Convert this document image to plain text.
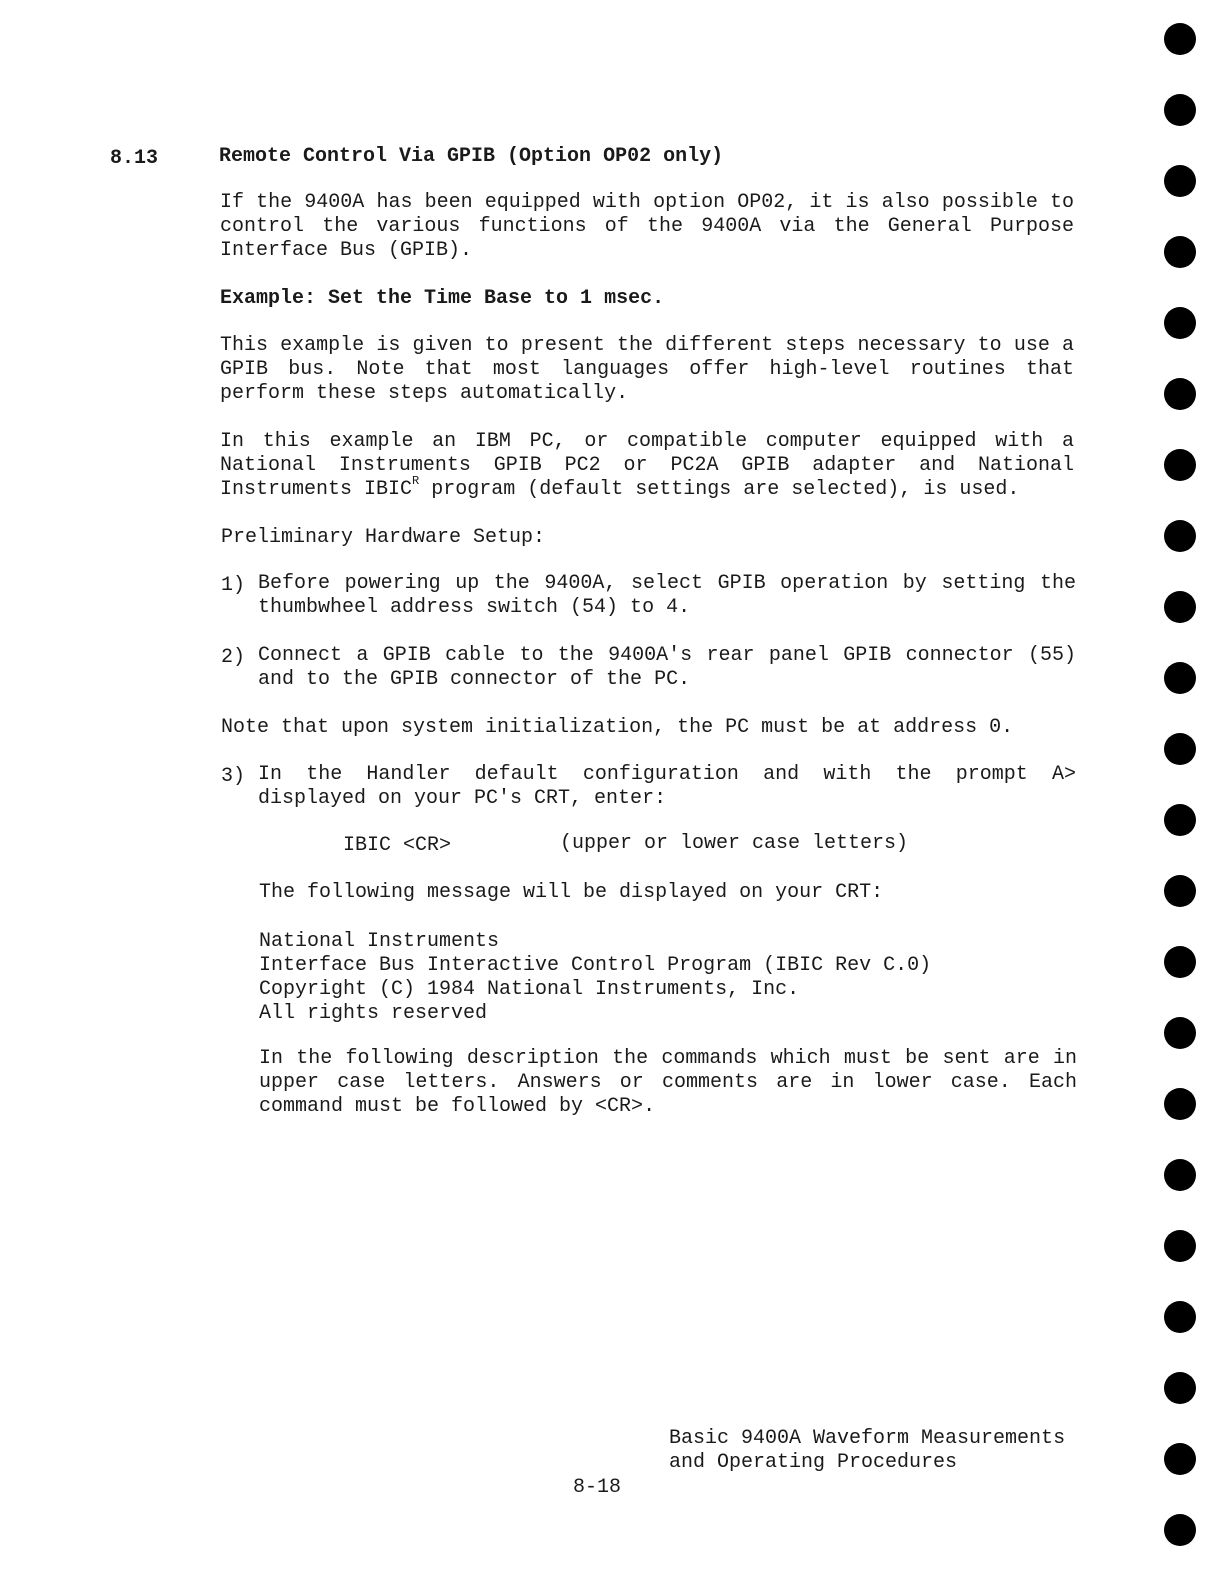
8.13	Remote Control Via GPIB (Option OP02 only)
If the 9400A has been equipped with option OP02, it is also possible to
control the various functions of the 9400A via the General Purpose
Interface Bus (GPIB).
Example: Set the Time Base to 1 msec.
This example is given to present the different steps necessary to use a
GPIB bus. Note that most languages offer high-level routines that
perform these steps automatically.
In this example an IBM PC, or compatible computer equipped with a
National Instruments GPIB PC2 or PC2A GPIB adapter and National
Instruments $IBIC^R$ program (default settings are selected), is used.
Preliminary Hardware Setup:
1) Before powering up the 9400A, select GPIB operation by setting the
thumbwheel address switch (54) to 4.
2) Connect a GPIB cable to the 9400A's rear panel GPIB connector (55)
and to the GPIB connector of the PC.
Note that upon system initialization, the PC must be at address 0.
3) In the Handler default configuration and with the prompt A>
displayed on your PC's CRT, enter:
IBIC <CR>	(upper or lower case letters)
The following message will be displayed on your CRT:
National Instruments
Interface Bus Interactive Control Program (IBIC Rev C.0)
Copyright (C) 1984 National Instruments, Inc.
All rights reserved
In the following description the commands which must be sent are in
upper case letters. Answers or comments are in lower case. Each
command must be followed by <CR>.
Basic 9400A Waveform Measurements
and Operating Procedures
8-18
